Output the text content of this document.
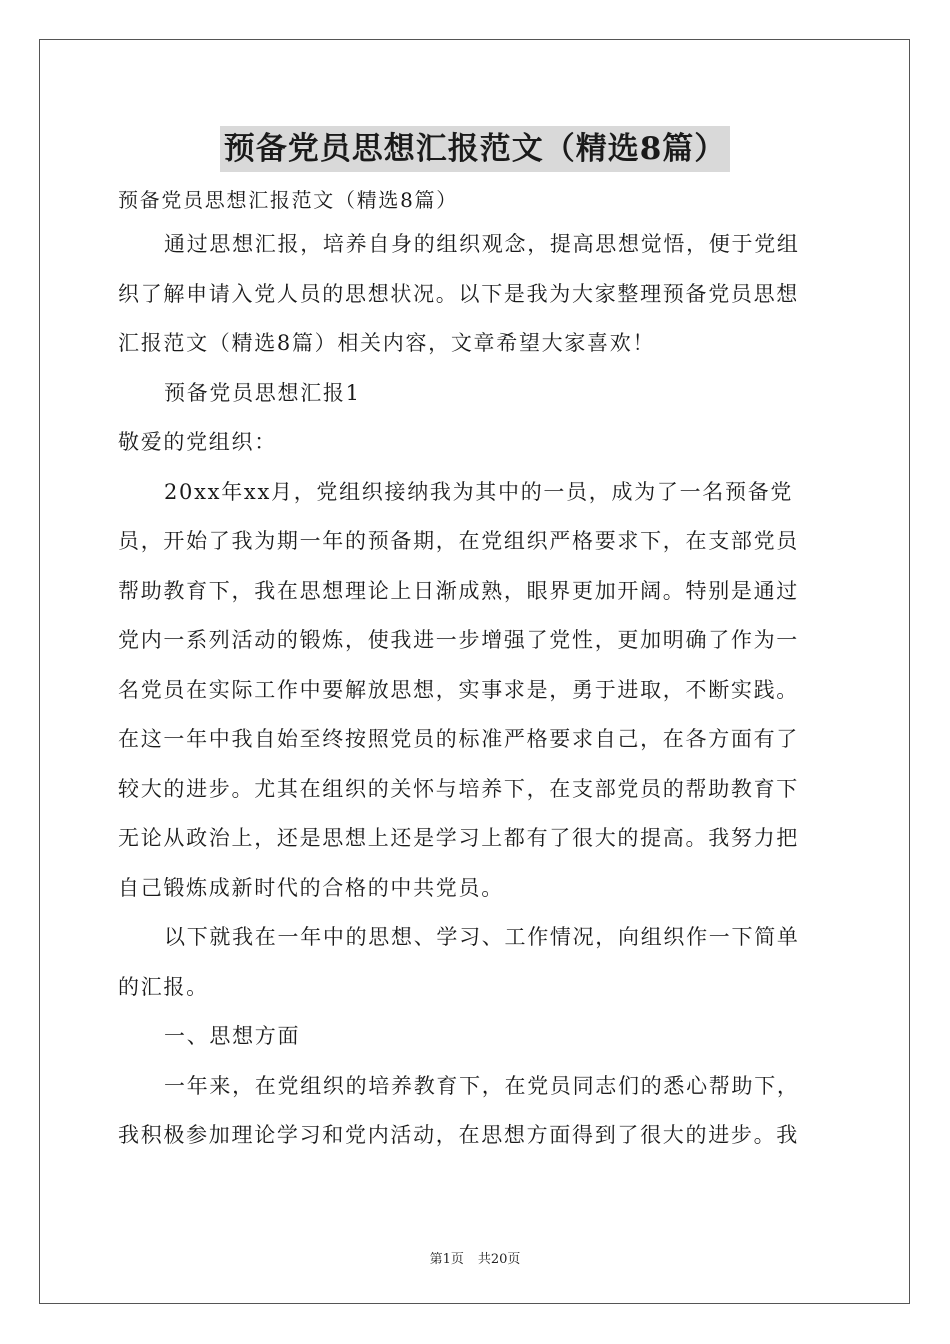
预备党员思想汇报范文（精选8篇）
预备党员思想汇报范文（精选8篇）
通过思想汇报，培养自身的组织观念，提高思想觉悟，便于党组
织了解申请入党人员的思想状况。以下是我为大家整理预备党员思想
汇报范文（精选8篇）相关内容，文章希望大家喜欢！
预备党员思想汇报1
敬爱的党组织：
20xx年xx月，党组织接纳我为其中的一员，成为了一名预备党
员，开始了我为期一年的预备期，在党组织严格要求下，在支部党员
帮助教育下，我在思想理论上日渐成熟，眼界更加开阔。特别是通过
党内一系列活动的锻炼，使我进一步增强了党性，更加明确了作为一
名党员在实际工作中要解放思想，实事求是，勇于进取，不断实践。
在这一年中我自始至终按照党员的标准严格要求自己，在各方面有了
较大的进步。尤其在组织的关怀与培养下，在支部党员的帮助教育下
无论从政治上，还是思想上还是学习上都有了很大的提高。我努力把
自己锻炼成新时代的合格的中共党员。
以下就我在一年中的思想、学习、工作情况，向组织作一下简单
的汇报。
一、思想方面
一年来，在党组织的培养教育下，在党员同志们的悉心帮助下，
我积极参加理论学习和党内活动，在思想方面得到了很大的进步。我
第1页 共20页
